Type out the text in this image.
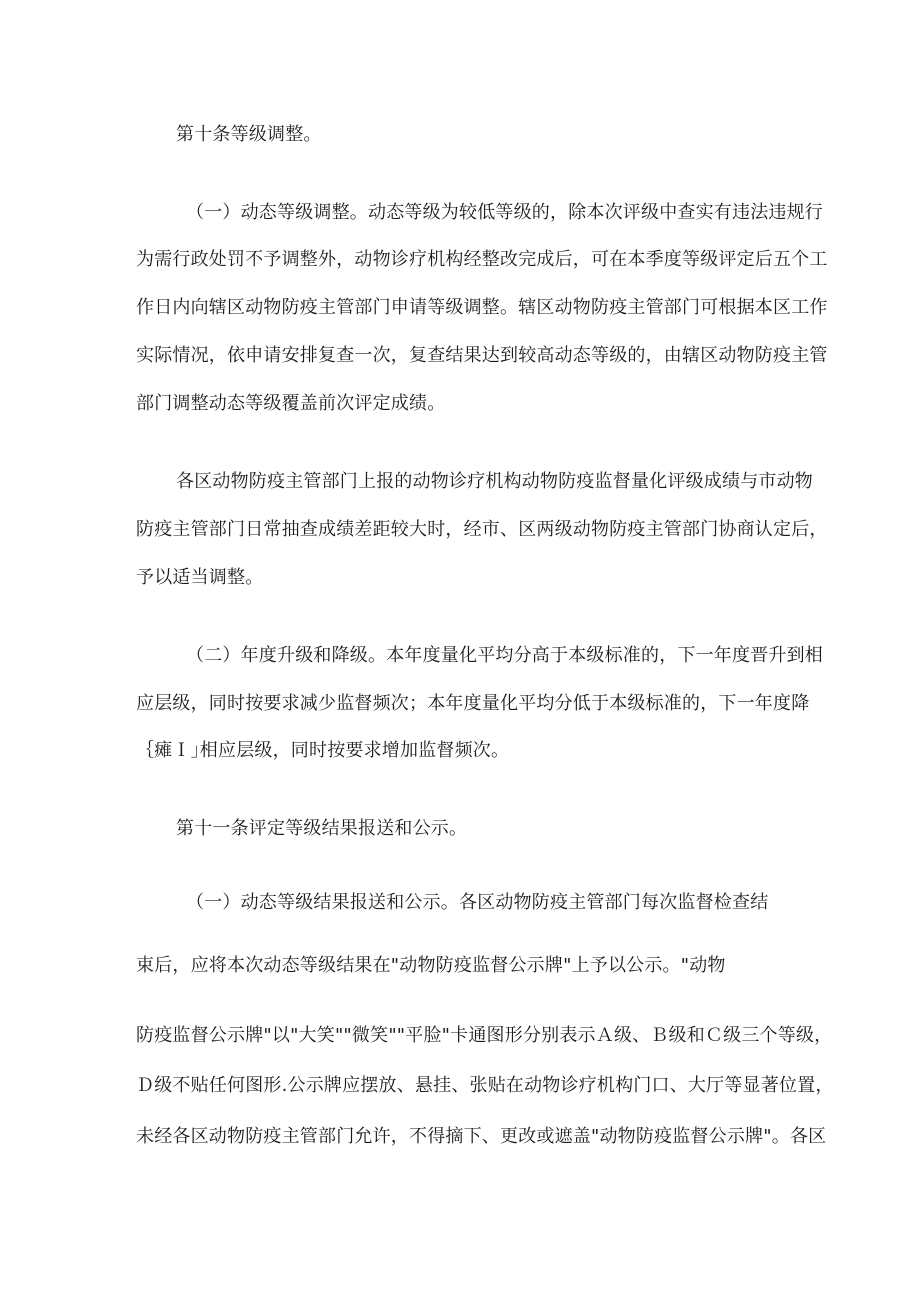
第十条等级调整。
（一）动态等级调整。动态等级为较低等级的，除本次评级中查实有违法违规行
为需行政处罚不予调整外，动物诊疗机构经整改完成后，可在本季度等级评定后五个工
作日内向辖区动物防疫主管部门申请等级调整。辖区动物防疫主管部门可根据本区工作
实际情况，依申请安排复查一次，复查结果达到较高动态等级的，由辖区动物防疫主管
部门调整动态等级覆盖前次评定成绩。
各区动物防疫主管部门上报的动物诊疗机构动物防疫监督量化评级成绩与市动物
防疫主管部门日常抽查成绩差距较大时，经市、区两级动物防疫主管部门协商认定后，
予以适当调整。
（二）年度升级和降级。本年度量化平均分高于本级标准的，下一年度晋升到相
应层级，同时按要求减少监督频次；本年度量化平均分低于本级标准的，下一年度降
｛瘫Ｉ｣相应层级，同时按要求增加监督频次。
第十一条评定等级结果报送和公示。
（一）动态等级结果报送和公示。各区动物防疫主管部门每次监督检查结
束后，应将本次动态等级结果在"动物防疫监督公示牌"上予以公示。"动物
防疫监督公示牌"以"大笑""微笑""平脸"卡通图形分别表示Ａ级、Ｂ级和Ｃ级三个等级，
Ｄ级不贴任何图形.公示牌应摆放、悬挂、张贴在动物诊疗机构门口、大厅等显著位置，
未经各区动物防疫主管部门允许，不得摘下、更改或遮盖"动物防疫监督公示牌"。各区
